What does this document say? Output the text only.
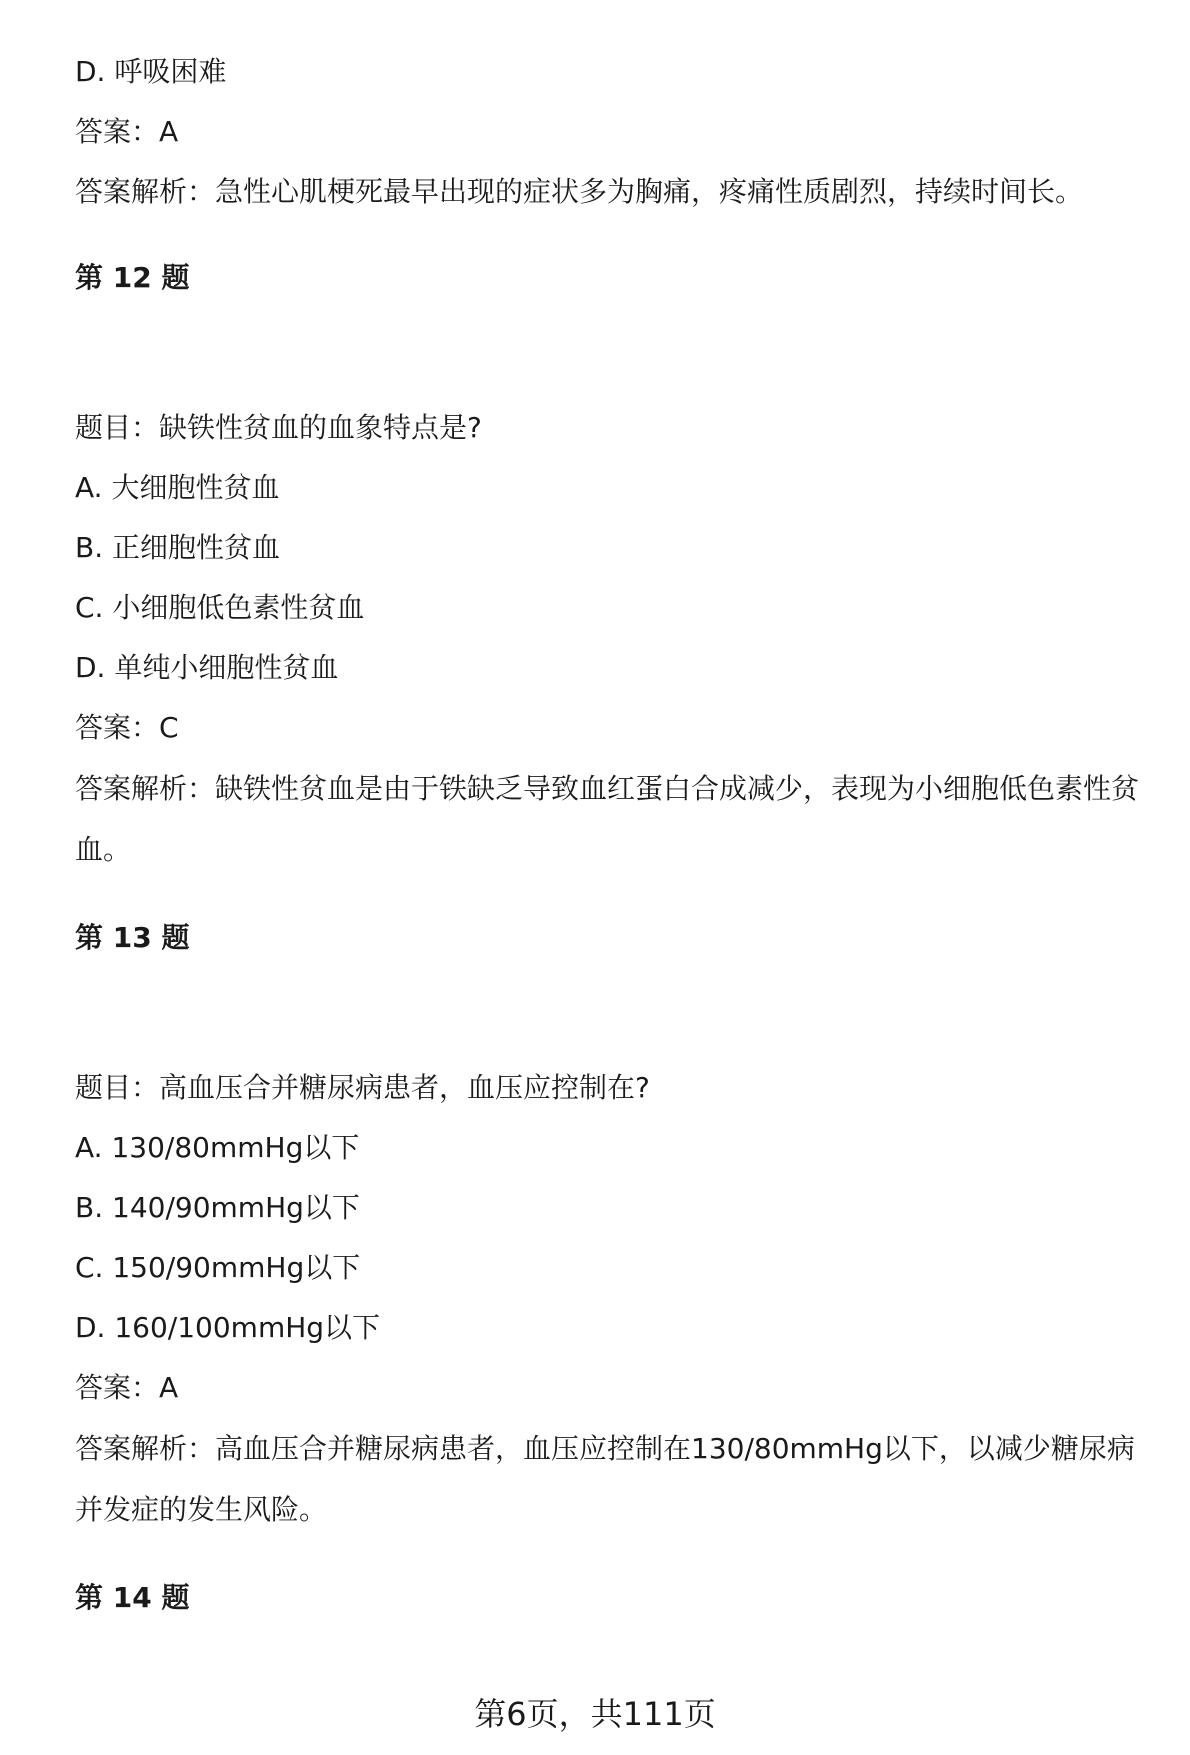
D. 呼吸困难
答案：A
答案解析：急性心肌梗死最早出现的症状多为胸痛，疼痛性质剧烈，持续时间长。
第 12 题
题目：缺铁性贫血的血象特点是?
A. 大细胞性贫血
B. 正细胞性贫血
C. 小细胞低色素性贫血
D. 单纯小细胞性贫血
答案：C
答案解析：缺铁性贫血是由于铁缺乏导致血红蛋白合成减少，表现为小细胞低色素性贫血。
第 13 题
题目：高血压合并糖尿病患者，血压应控制在?
A. 130/80mmHg以下
B. 140/90mmHg以下
C. 150/90mmHg以下
D. 160/100mmHg以下
答案：A
答案解析：高血压合并糖尿病患者，血压应控制在130/80mmHg以下，以减少糖尿病并发症的发生风险。
第 14 题
第6页，共111页
